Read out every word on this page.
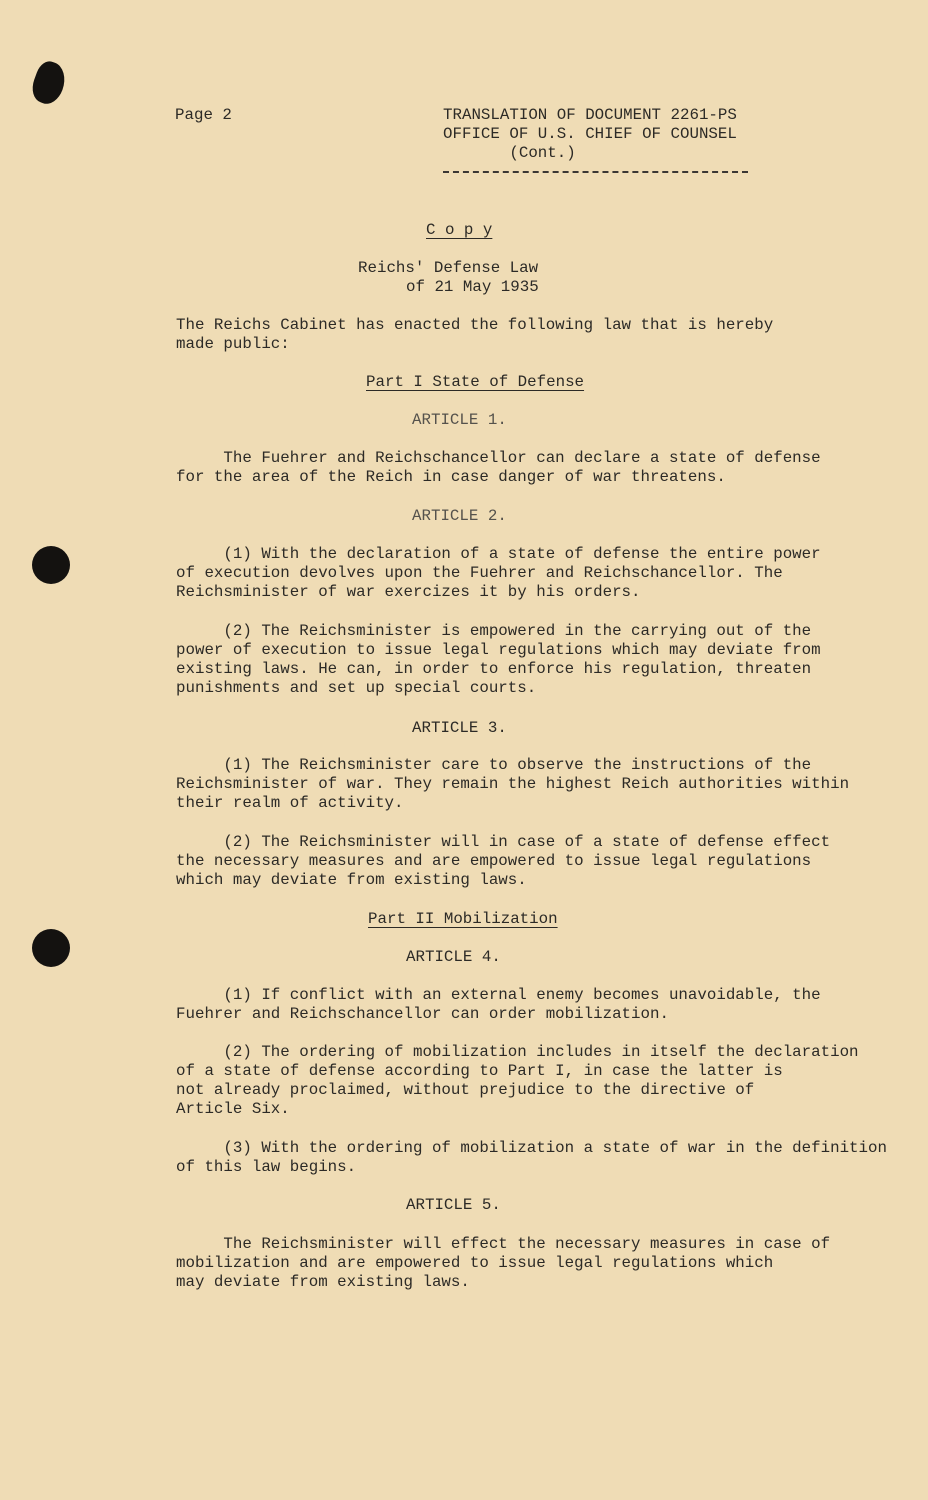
Page 2	TRANSLATION OF DOCUMENT 2261-PS
OFFICE OF U.S. CHIEF OF COUNSEL
(Cont.)

C o p y

Reichs' Defense Law

of 21 May 1935

The Reichs Cabinet has enacted the following law that is hereby
made public:

Part I State of Defense

ARTICLE 1.

The Fuehrer and Reichschancellor can declare a state of defense
for the area of the Reich in case danger of war threatens.

ARTICLE 2.

(1) With the declaration of a state of defense the entire power
of execution devolves upon the Fuehrer and Reichschancellor. The
Reichsminister of war exercizes it by his orders.

(2) The Reichsminister is empowered in the carrying out of the
power of execution to issue legal regulations which may deviate from
existing laws. He can, in order to enforce his regulation, threaten
punishments and set up special courts.

ARTICLE 3.

(1) The Reichsminister care to observe the instructions of the
Reichsminister of war. They remain the highest Reich authorities within
their realm of activity.

(2) The Reichsminister will in case of a state of defense effect
the necessary measures and are empowered to issue legal regulations
which may deviate from existing laws.

Part II Mobilization

ARTICLE 4.

(1) If conflict with an external enemy becomes unavoidable, the
Fuehrer and Reichschancellor can order mobilization.

(2) The ordering of mobilization includes in itself the declaration
of a state of defense according to Part I, in case the latter is
not already proclaimed, without prejudice to the directive of
Article Six.

(3) With the ordering of mobilization a state of war in the definition
of this law begins.

ARTICLE 5.

The Reichsminister will effect the necessary measures in case of
mobilization and are empowered to issue legal regulations which
may deviate from existing laws.
